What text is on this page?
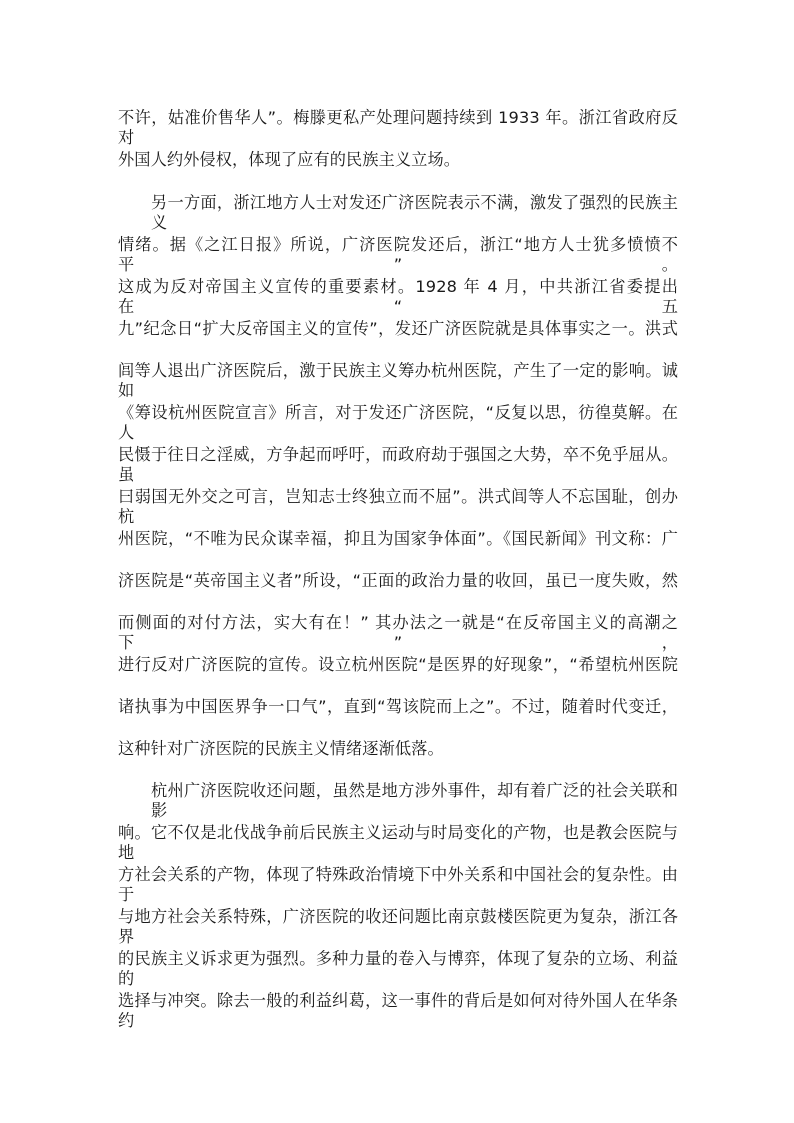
不许，姑准价售华人”。梅滕更私产处理问题持续到 1933 年。浙江省政府反对
外国人约外侵权，体现了应有的民族主义立场。
另一方面，浙江地方人士对发还广济医院表示不满，激发了强烈的民族主义
情绪。据《之江日报》所说，广济医院发还后，浙江“地方人士犹多愤愤不平”。
这成为反对帝国主义宣传的重要素材。1928 年 4 月，中共浙江省委提出在“五
九”纪念日“扩大反帝国主义的宣传”，发还广济医院就是具体事实之一。洪式
闾等人退出广济医院后，激于民族主义筹办杭州医院，产生了一定的影响。诚如
《筹设杭州医院宣言》所言，对于发还广济医院，“反复以思，彷徨莫解。在人
民慑于往日之淫威，方争起而呼吁，而政府劫于强国之大势，卒不免乎屈从。虽
曰弱国无外交之可言，岂知志士终独立而不屈”。洪式闾等人不忘国耻，创办杭
州医院，“不唯为民众谋幸福，抑且为国家争体面”。《国民新闻》刊文称：广
济医院是“英帝国主义者”所设，“正面的政治力量的收回，虽已一度失败，然
而侧面的对付方法，实大有在！” 其办法之一就是“在反帝国主义的高潮之下”，
进行反对广济医院的宣传。设立杭州医院“是医界的好现象”，“希望杭州医院
诸执事为中国医界争一口气”，直到“驾该院而上之”。不过，随着时代变迁，
这种针对广济医院的民族主义情绪逐渐低落。
杭州广济医院收还问题，虽然是地方涉外事件，却有着广泛的社会关联和影
响。它不仅是北伐战争前后民族主义运动与时局变化的产物，也是教会医院与地
方社会关系的产物，体现了特殊政治情境下中外关系和中国社会的复杂性。由于
与地方社会关系特殊，广济医院的收还问题比南京鼓楼医院更为复杂，浙江各界
的民族主义诉求更为强烈。多种力量的卷入与博弈，体现了复杂的立场、利益的
选择与冲突。除去一般的利益纠葛，这一事件的背后是如何对待外国人在华条约
